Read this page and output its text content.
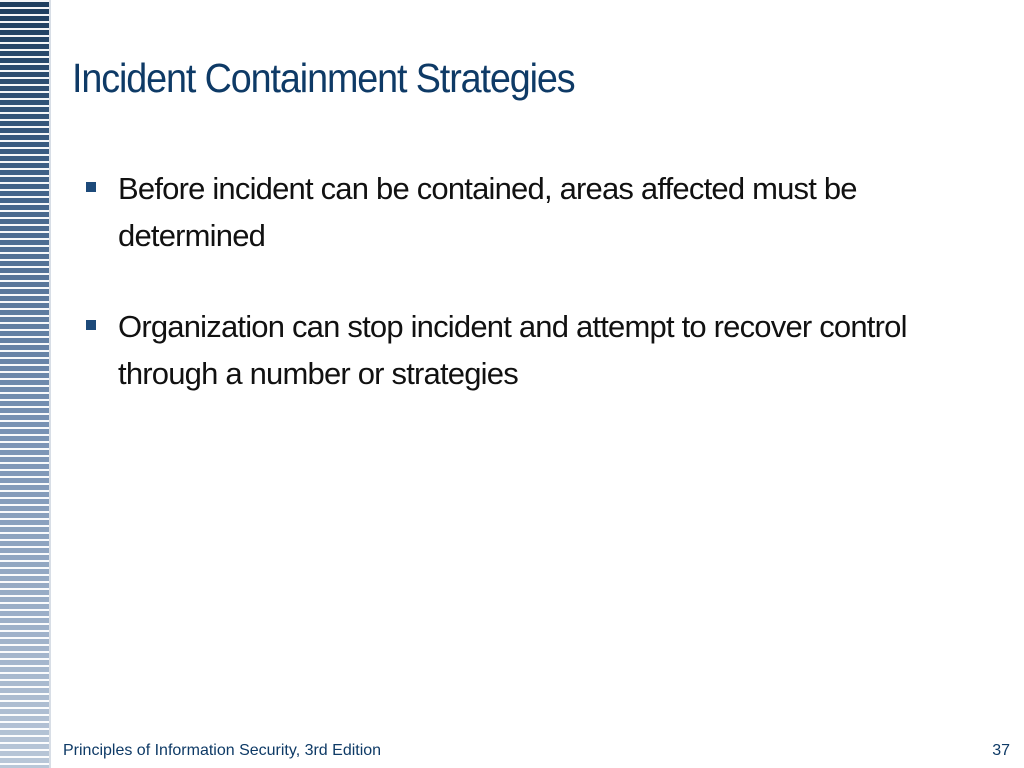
Incident Containment Strategies
Before incident can be contained, areas affected must be determined
Organization can stop incident and attempt to recover control through a number or strategies
Principles of Information Security, 3rd Edition	37
